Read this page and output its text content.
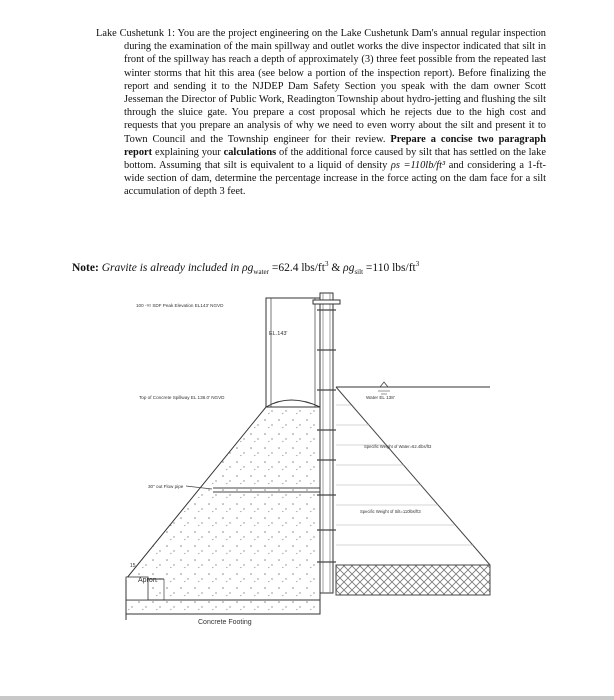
Lake Cushetunk 1: You are the project engineering on the Lake Cushetunk Dam's annual regular inspection during the examination of the main spillway and outlet works the dive inspector indicated that silt in front of the spillway has reach a depth of approximately (3) three feet possible from the repeated last winter storms that hit this area (see below a portion of the inspection report). Before finalizing the report and sending it to the NJDEP Dam Safety Section you speak with the dam owner Scott Jesseman the Director of Public Work, Readington Township about hydro-jetting and flushing the silt through the sluice gate. You prepare a cost proposal which he rejects due to the high cost and requests that you prepare an analysis of why we need to even worry about the silt and present it to Town Council and the Township engineer for their review. Prepare a concise two paragraph report explaining your calculations of the additional force caused by silt that has settled on the lake bottom. Assuming that silt is equivalent to a liquid of density ρs =110lb/ft³ and considering a 1-ft-wide section of dam, determine the percentage increase in the force acting on the dam face for a silt accumulation of depth 3 feet.

Note: Gravite is already included in $\rho g_{water} =62.4$ lbs/$ft^3$ & $\rho g_{silt} =110$ lbs/$ft^3$
100 -Yr SDF Peak Elevation EL143' NGVD
EL.143'
Top of Concrete Spillway EL 138.0' NGVD	Water EL 138'
Specific Weight of Water=62.4lbs/ft3
30" out Flow pipe
Specific Weight of Silt=110lbs/ft3
15
Apron
Concrete Footing
